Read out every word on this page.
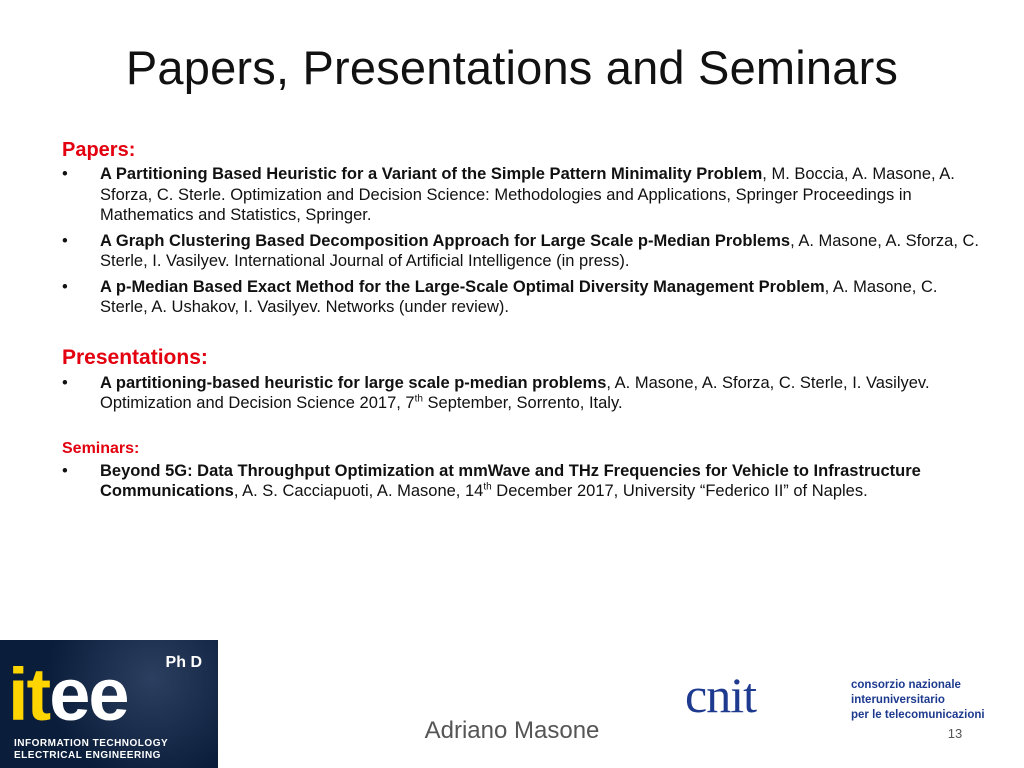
Papers, Presentations and Seminars
Papers:
•	A Partitioning Based Heuristic for a Variant of the Simple Pattern Minimality Problem, M. Boccia, A. Masone, A. Sforza, C. Sterle. Optimization and Decision Science: Methodologies and Applications, Springer Proceedings in Mathematics and Statistics, Springer.
•	A Graph Clustering Based Decomposition Approach for Large Scale p-Median Problems, A. Masone, A. Sforza, C. Sterle, I. Vasilyev. International Journal of Artificial Intelligence (in press).
•	A p-Median Based Exact Method for the Large-Scale Optimal Diversity Management Problem, A. Masone, C. Sterle, A. Ushakov, I. Vasilyev. Networks (under review).
Presentations:
•	A partitioning-based heuristic for large scale p-median problems, A. Masone, A. Sforza, C. Sterle, I. Vasilyev. Optimization and Decision Science 2017, 7th September, Sorrento, Italy.
Seminars:
•	Beyond 5G: Data Throughput Optimization at mmWave and THz Frequencies for Vehicle to Infrastructure Communications, A. S. Cacciapuoti, A. Masone, 14th December 2017, University “Federico II” of Naples.
Ph D
itee
INFORMATION TECHNOLOGY
ELECTRICAL ENGINEERING
cnit	consorzio nazionale
interuniversitario
per le telecomunicazioni
Adriano Masone	13
